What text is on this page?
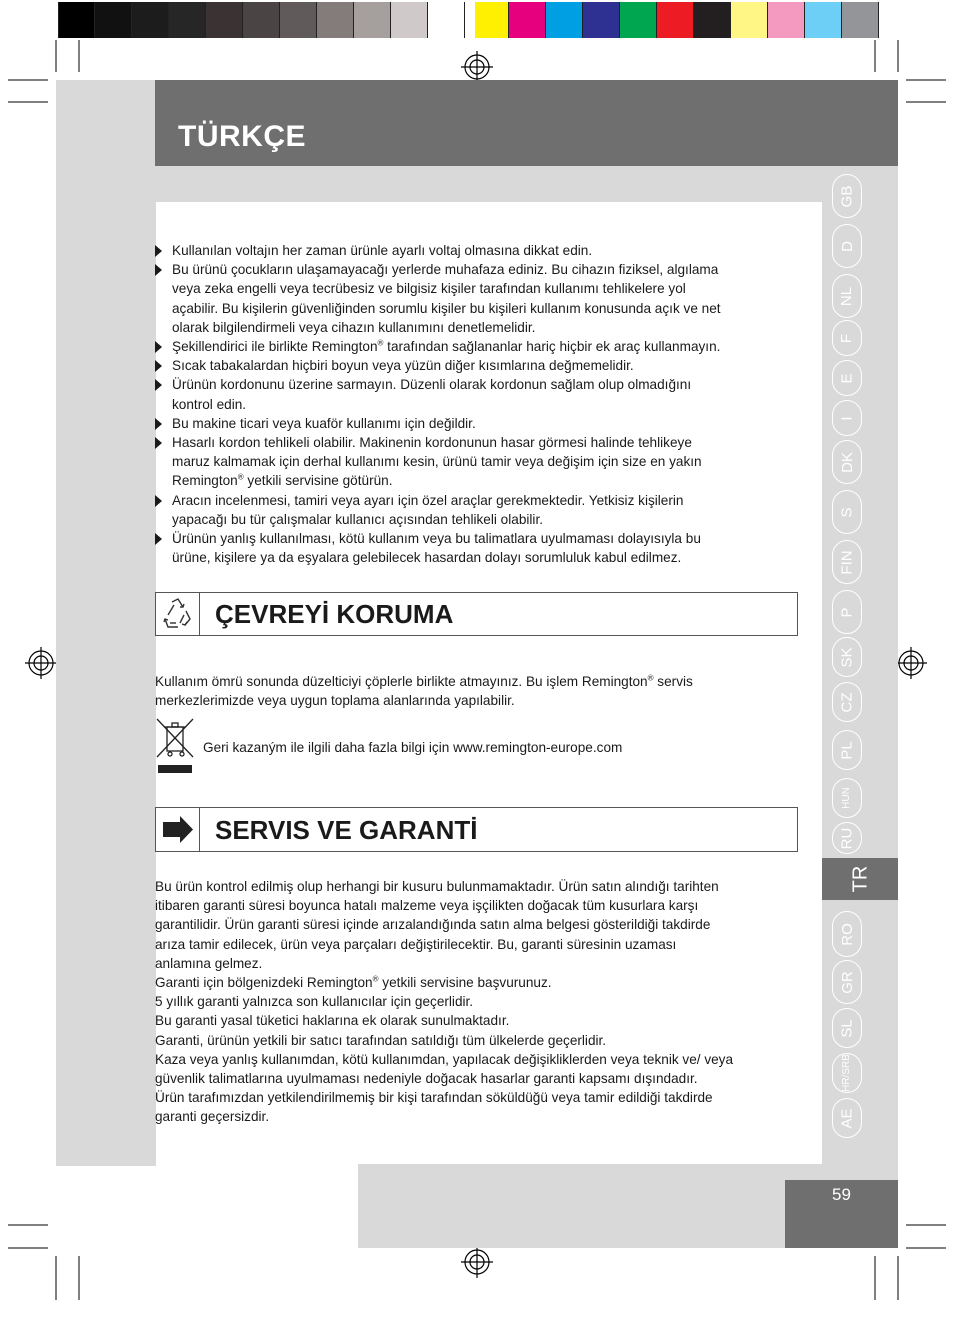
TÜRKÇE
GB
D
NL
F
E
I
DK
S
FIN
P
SK
CZ
PL
HUN
RU
TR
RO
GR
SL
HR/SRB
AE
Kullanılan voltajın her zaman ürünle ayarlı voltaj olmasına dikkat edin.
Bu ürünü çocukların ulaşamayacağı yerlerde muhafaza ediniz. Bu cihazın fiziksel, algılama
veya zeka engelli veya tecrübesiz ve bilgisiz kişiler tarafından kullanımı tehlikelere yol
açabilir. Bu kişilerin güvenliğinden sorumlu kişiler bu kişileri kullanım konusunda açık ve net
olarak bilgilendirmeli veya cihazın kullanımını denetlemelidir.
Şekillendirici ile birlikte Remington® tarafından sağlananlar hariç hiçbir ek araç kullanmayın.
Sıcak tabakalardan hiçbiri boyun veya yüzün diğer kısımlarına değmemelidir.
Ürünün kordonunu üzerine sarmayın. Düzenli olarak kordonun sağlam olup olmadığını
kontrol edin.
Bu makine ticari veya kuaför kullanımı için değildir.
Hasarlı kordon tehlikeli olabilir. Makinenin kordonunun hasar görmesi halinde tehlikeye
maruz kalmamak için derhal kullanımı kesin, ürünü tamir veya değişim için size en yakın
Remington® yetkili servisine götürün.
Aracın incelenmesi, tamiri veya ayarı için özel araçlar gerekmektedir. Yetkisiz kişilerin
yapacağı bu tür çalışmalar kullanıcı açısından tehlikeli olabilir.
Ürünün yanlış kullanılması, kötü kullanım veya bu talimatlara uyulmaması dolayısıyla bu
ürüne, kişilere ya da eşyalara gelebilecek hasardan dolayı sorumluluk kabul edilmez.
ÇEVREYİ KORUMA
Kullanım ömrü sonunda düzelticiyi çöplerle birlikte atmayınız. Bu işlem Remington® servis
merkezlerimizde veya uygun toplama alanlarında yapılabilir.
Geri kazaným ile ilgili daha fazla bilgi için www.remington-europe.com
SERVIS VE GARANTİ
Bu ürün kontrol edilmiş olup herhangi bir kusuru bulunmamaktadır. Ürün satın alındığı tarihten
itibaren garanti süresi boyunca hatalı malzeme veya işçilikten doğacak tüm kusurlara karşı
garantilidir. Ürün garanti süresi içinde arızalandığında satın alma belgesi gösterildiği takdirde
arıza tamir edilecek, ürün veya parçaları değiştirilecektir. Bu, garanti süresinin uzaması
anlamına gelmez.
Garanti için bölgenizdeki Remington® yetkili servisine başvurunuz.
5 yıllık garanti yalnızca son kullanıcılar için geçerlidir.
Bu garanti yasal tüketici haklarına ek olarak sunulmaktadır.
Garanti, ürünün yetkili bir satıcı tarafından satıldığı tüm ülkelerde geçerlidir.
Kaza veya yanlış kullanımdan, kötü kullanımdan, yapılacak değişikliklerden veya teknik ve/ veya
güvenlik talimatlarına uyulmaması nedeniyle doğacak hasarlar garanti kapsamı dışındadır.
Ürün tarafımızdan yetkilendirilmemiş bir kişi tarafından söküldüğü veya tamir edildiği takdirde
garanti geçersizdir.
59
